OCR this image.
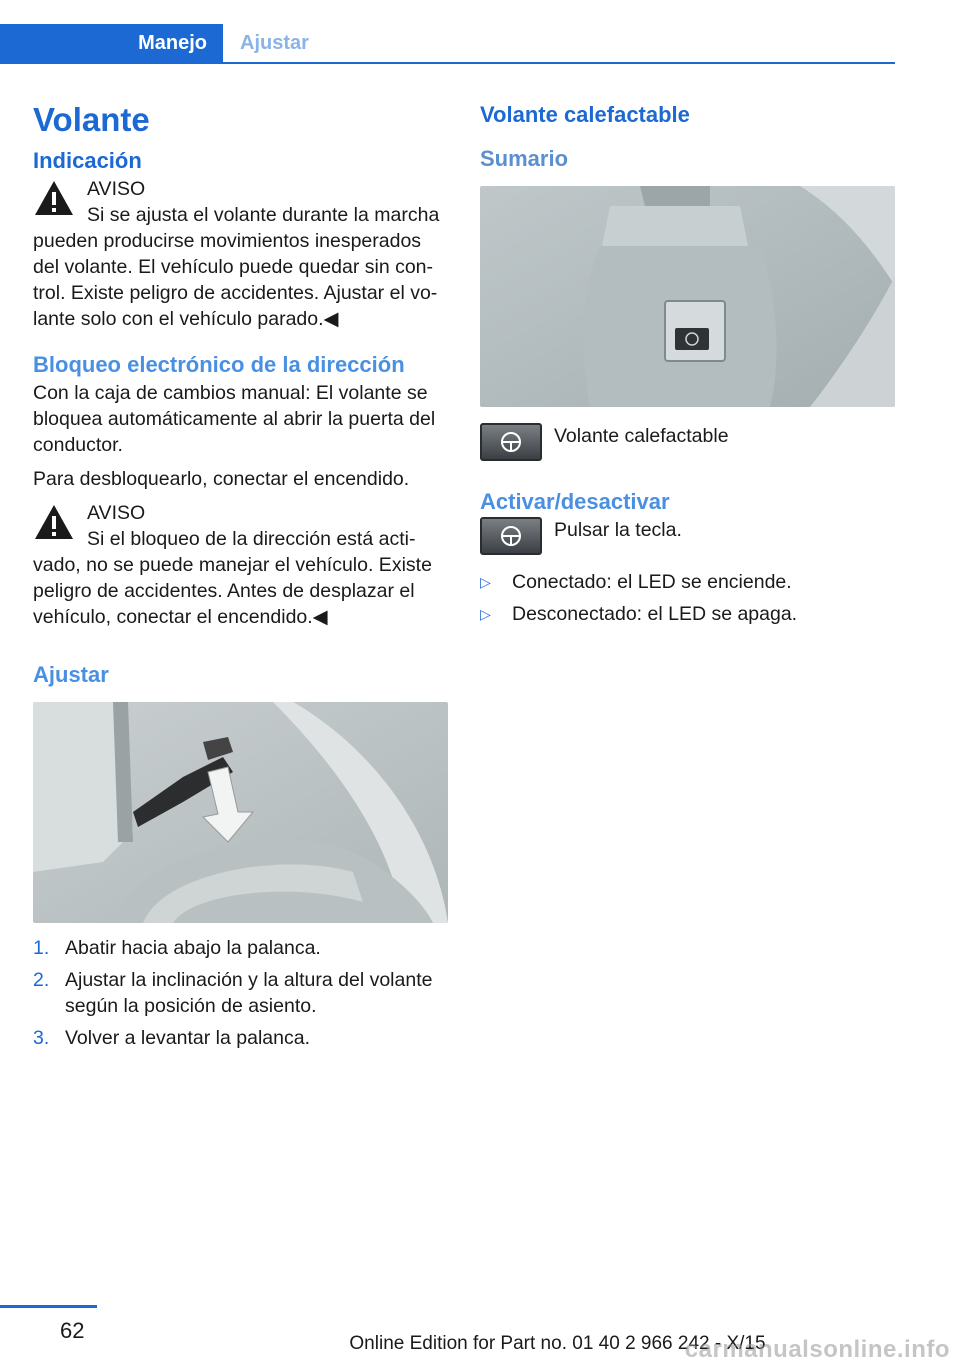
Manejo	Ajustar
Volante
Indicación
AVISO
Si se ajusta el volante durante la marcha pueden producirse movimientos inesperados del volante. El vehículo puede quedar sin con-trol. Existe peligro de accidentes. Ajustar el vo-lante solo con el vehículo parado.◀
Bloqueo electrónico de la dirección

Con la caja de cambios manual: El volante se bloquea automáticamente al abrir la puerta del conductor.

Para desbloquearlo, conectar el encendido.

AVISO
Si el bloqueo de la dirección está acti-vado, no se puede manejar el vehículo. Existe peligro de accidentes. Antes de desplazar el vehículo, conectar el encendido.◀
Ajustar
1. Abatir hacia abajo la palanca.
2. Ajustar la inclinación y la altura del volante según la posición de asiento.
3. Volver a levantar la palanca.
Volante calefactable
Sumario
Volante calefactable
Activar/desactivar
Pulsar la tecla.
▷	Conectado: el LED se enciende.
▷	Desconectado: el LED se apaga.
62
Online Edition for Part no. 01 40 2 966 242 - X/15
carmanualsonline.info
